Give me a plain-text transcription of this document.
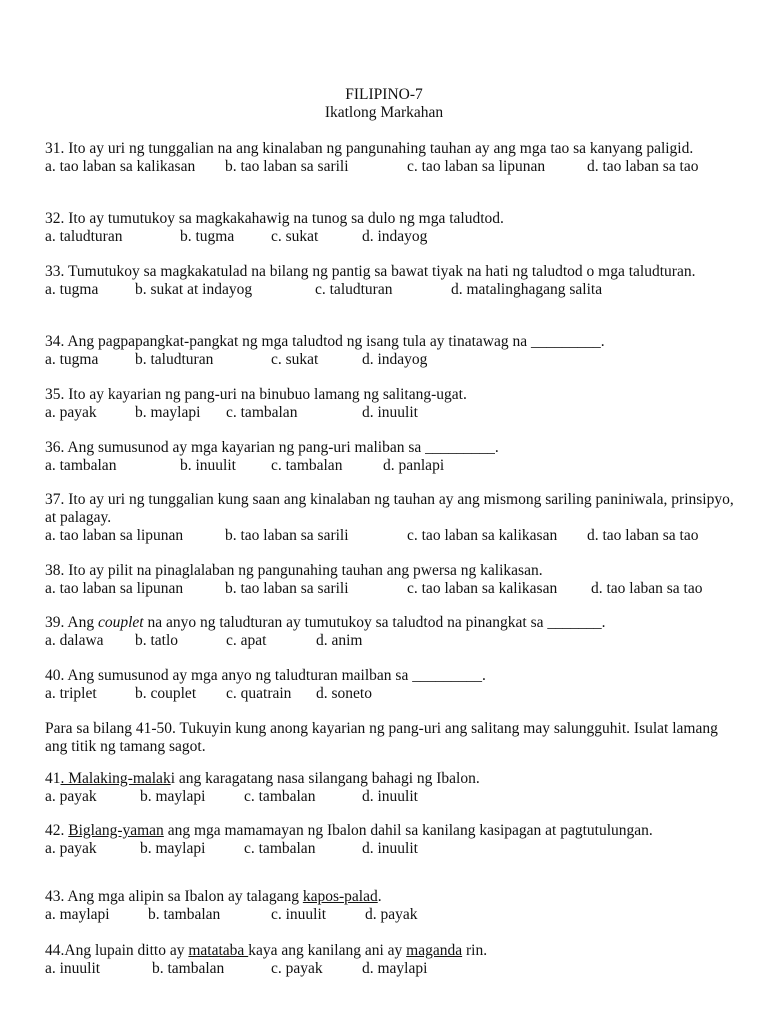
FILIPINO-7
Ikatlong Markahan
31. Ito ay uri ng tunggalian na ang kinalaban ng pangunahing tauhan ay ang mga tao sa kanyang paligid.
a. tao laban sa kalikasan b. tao laban sa sarili	c. tao laban sa lipunan	d. tao laban sa tao
32. Ito ay tumutukoy sa magkakahawig na tunog sa dulo ng mga taludtod.
a. taludturan	b. tugma c. sukat	d. indayog
33. Tumutukoy sa magkakatulad na bilang ng pantig sa bawat tiyak na hati ng taludtod o mga taludturan.
a. tugma b. sukat at indayog	c. taludturan	d. matalinghagang salita
34. Ang pagpapangkat-pangkat ng mga taludtod ng isang tula ay tinatawag na _________.
a. tugma b. taludturan	c. sukat	d. indayog
35. Ito ay kayarian ng pang-uri na binubuo lamang ng salitang-ugat.
a. payak b. maylapi c. tambalan	d. inuulit
36. Ang sumusunod ay mga kayarian ng pang-uri maliban sa _________.
a. tambalan	b. inuulit c. tambalan	d. panlapi
37. Ito ay uri ng tunggalian kung saan ang kinalaban ng tauhan ay ang mismong sariling paniniwala, prinsipyo, at palagay.
a. tao laban sa lipunan	b. tao laban sa sarili	c. tao laban sa kalikasan d. tao laban sa tao
38. Ito ay pilit na pinaglalaban ng pangunahing tauhan ang pwersa ng kalikasan.
a. tao laban sa lipunan	b. tao laban sa sarili	c. tao laban sa kalikasan d. tao laban sa tao
39. Ang couplet na anyo ng taludturan ay tumutukoy sa taludtod na pinangkat sa _______.
a. dalawa b. tatlo	c. apat	d. anim
40. Ang sumusunod ay mga anyo ng taludturan mailban sa _________.
a. triplet b. couplet c. quatrain d. soneto
Para sa bilang 41-50. Tukuyin kung anong kayarian ng pang-uri ang salitang may salungguhit. Isulat lamang ang titik ng tamang sagot.
41. Malaking-malaki ang karagatang nasa silangang bahagi ng Ibalon.
a. payak	b. maylapi c. tambalan	d. inuulit
42. Biglang-yaman ang mga mamamayan ng Ibalon dahil sa kanilang kasipagan at pagtutulungan.
a. payak	b. maylapi c. tambalan	d. inuulit
43. Ang mga alipin sa Ibalon ay talagang kapos-palad.
a. maylapi b. tambalan	c. inuulit	d. payak
44.Ang lupain ditto ay matataba kaya ang kanilang ani ay maganda rin.
a. inuulit	b. tambalan	c. payak	d. maylapi
